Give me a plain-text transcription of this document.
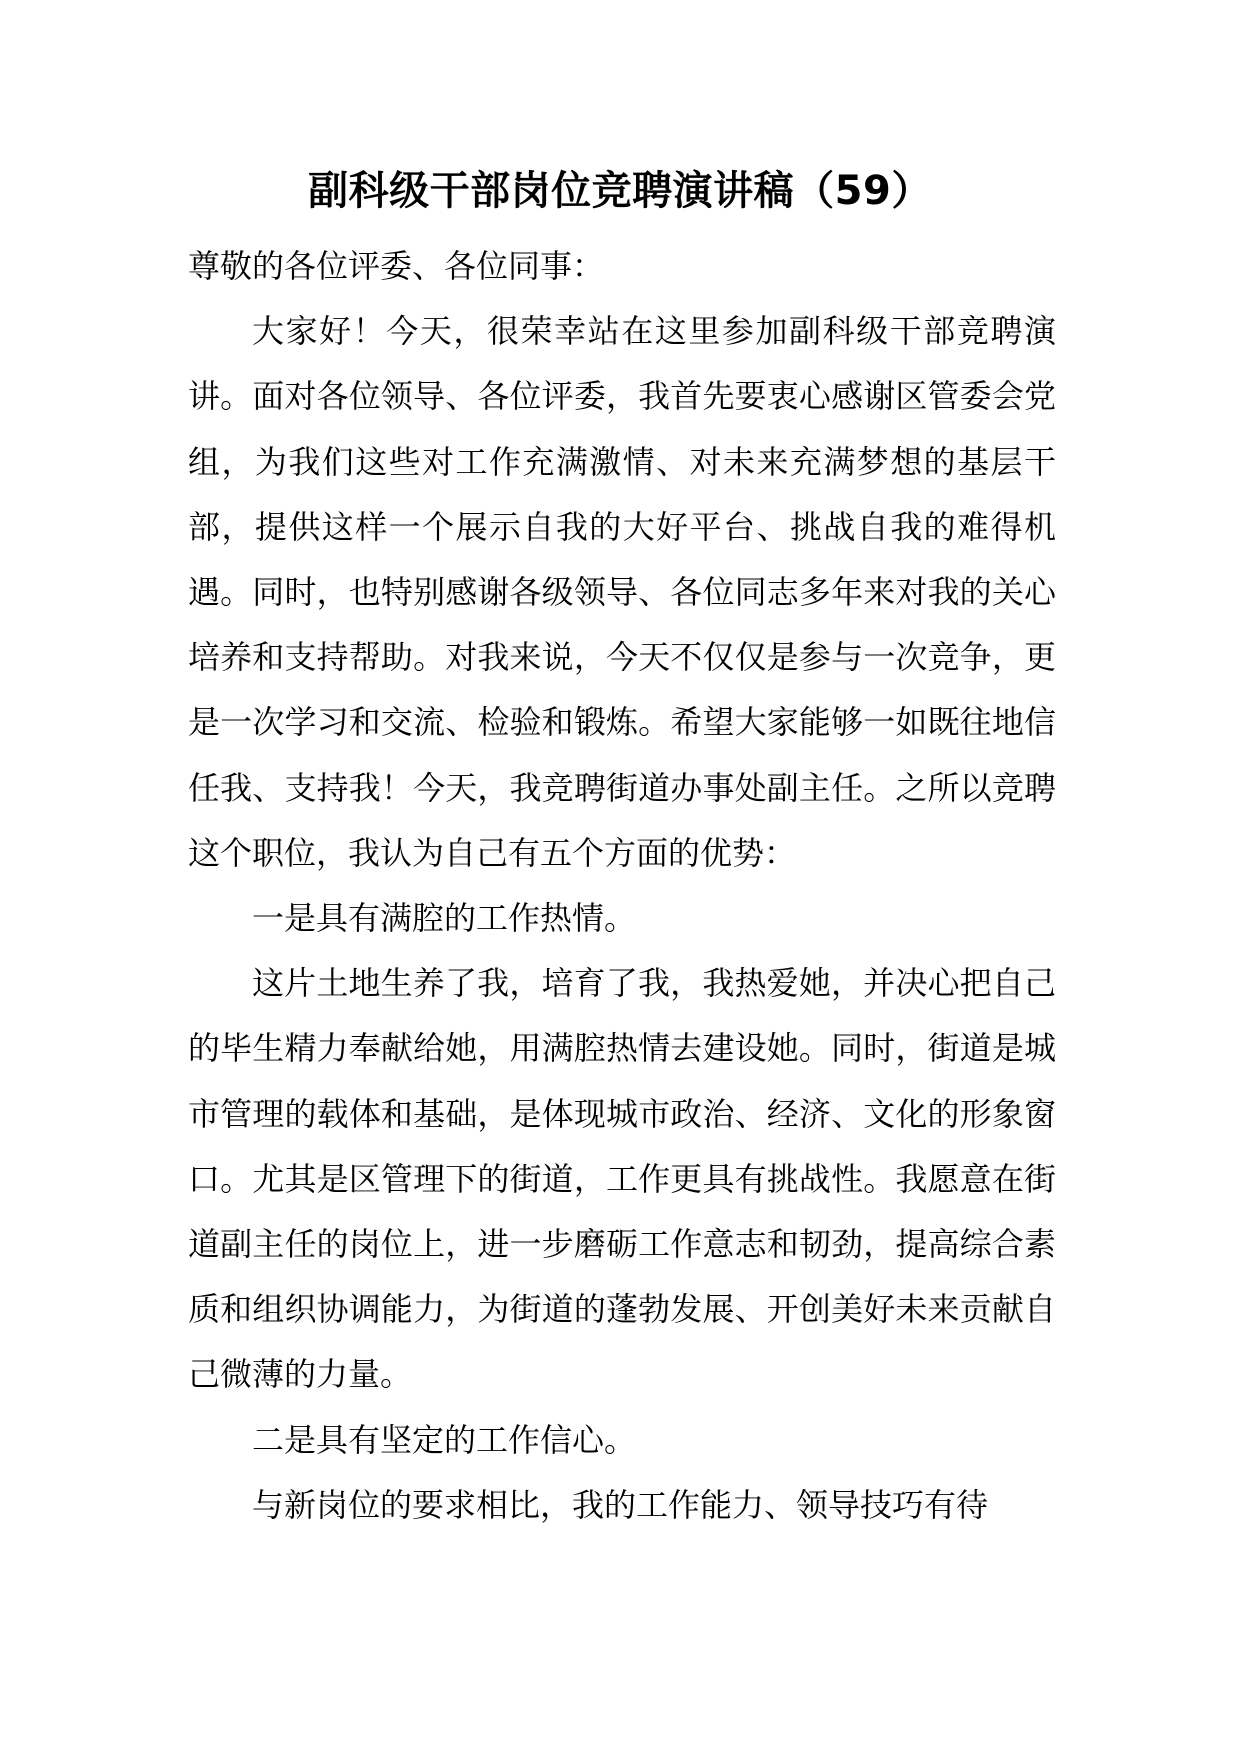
副科级干部岗位竞聘演讲稿（59）

尊敬的各位评委、各位同事：

大家好！今天，很荣幸站在这里参加副科级干部竞聘演讲。面对各位领导、各位评委，我首先要衷心感谢区管委会党组，为我们这些对工作充满激情、对未来充满梦想的基层干部，提供这样一个展示自我的大好平台、挑战自我的难得机遇。同时，也特别感谢各级领导、各位同志多年来对我的关心培养和支持帮助。对我来说，今天不仅仅是参与一次竞争，更是一次学习和交流、检验和锻炼。希望大家能够一如既往地信任我、支持我！今天，我竞聘街道办事处副主任。之所以竞聘这个职位，我认为自己有五个方面的优势：

一是具有满腔的工作热情。

这片土地生养了我，培育了我，我热爱她，并决心把自己的毕生精力奉献给她，用满腔热情去建设她。同时，街道是城市管理的载体和基础，是体现城市政治、经济、文化的形象窗口。尤其是区管理下的街道，工作更具有挑战性。我愿意在街道副主任的岗位上，进一步磨砺工作意志和韧劲，提高综合素质和组织协调能力，为街道的蓬勃发展、开创美好未来贡献自己微薄的力量。

二是具有坚定的工作信心。

与新岗位的要求相比，我的工作能力、领导技巧有待
